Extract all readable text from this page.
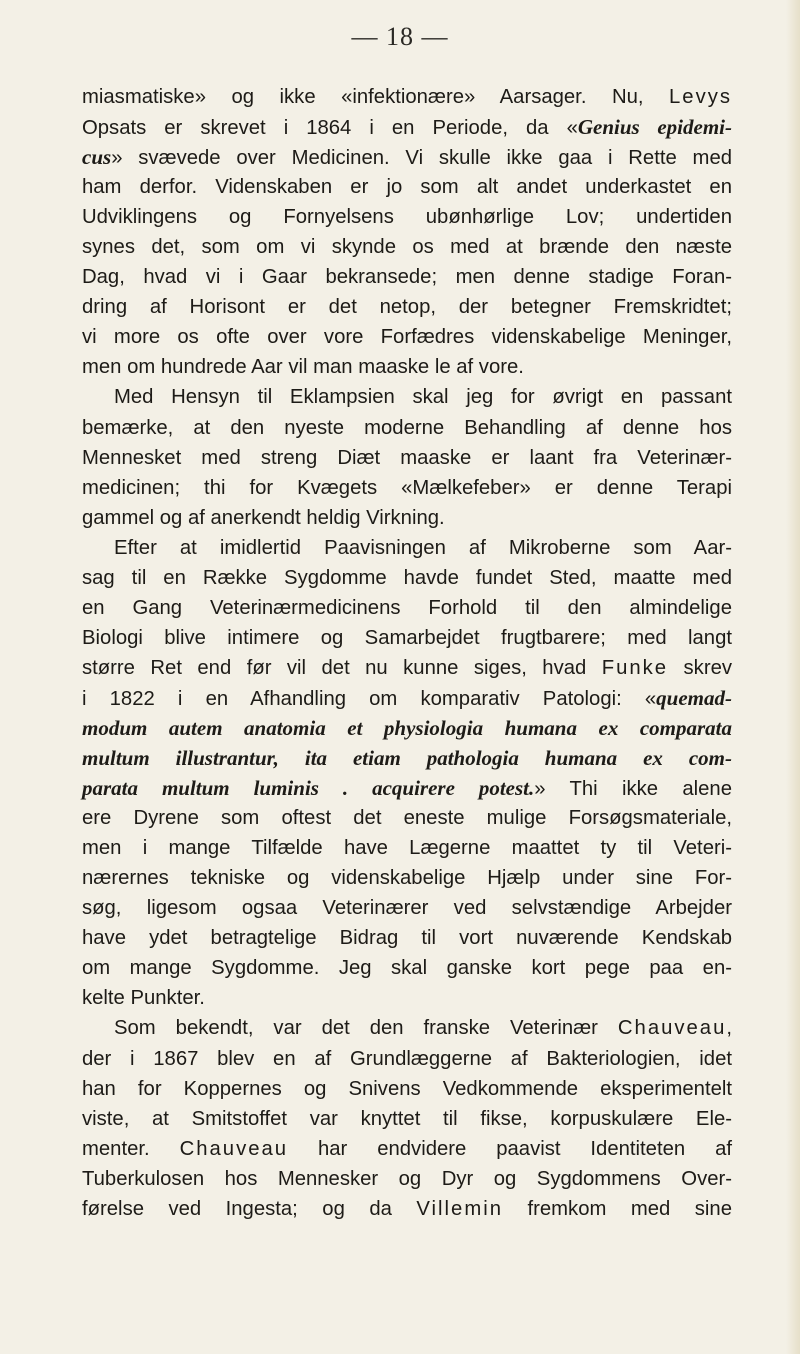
— 18 —
miasmatiske» og ikke «infektionære» Aarsager. Nu, Levys
Opsats er skrevet i 1864 i en Periode, da «Genius epidemi-
cus» svævede over Medicinen. Vi skulle ikke gaa i Rette med
ham derfor. Videnskaben er jo som alt andet underkastet en
Udviklingens og Fornyelsens ubønhørlige Lov; undertiden
synes det, som om vi skynde os med at brænde den næste
Dag, hvad vi i Gaar bekransede; men denne stadige Foran-
dring af Horisont er det netop, der betegner Fremskridtet;
vi more os ofte over vore Forfædres videnskabelige Meninger,
men om hundrede Aar vil man maaske le af vore.
Med Hensyn til Eklampsien skal jeg for øvrigt en passant
bemærke, at den nyeste moderne Behandling af denne hos
Mennesket med streng Diæt maaske er laant fra Veterinær-
medicinen; thi for Kvægets «Mælkefeber» er denne Terapi
gammel og af anerkendt heldig Virkning.
Efter at imidlertid Paavisningen af Mikroberne som Aar-
sag til en Række Sygdomme havde fundet Sted, maatte med
en Gang Veterinærmedicinens Forhold til den almindelige
Biologi blive intimere og Samarbejdet frugtbarere; med langt
større Ret end før vil det nu kunne siges, hvad Funke skrev
i 1822 i en Afhandling om komparativ Patologi: «quemad-
modum autem anatomia et physiologia humana ex comparata
multum illustrantur, ita etiam pathologia humana ex com-
parata multum luminis . acquirere potest.» Thi ikke alene
ere Dyrene som oftest det eneste mulige Forsøgsmateriale,
men i mange Tilfælde have Lægerne maattet ty til Veteri-
nærernes tekniske og videnskabelige Hjælp under sine For-
søg, ligesom ogsaa Veterinærer ved selvstændige Arbejder
have ydet betragtelige Bidrag til vort nuværende Kendskab
om mange Sygdomme. Jeg skal ganske kort pege paa en-
kelte Punkter.
Som bekendt, var det den franske Veterinær Chauveau,
der i 1867 blev en af Grundlæggerne af Bakteriologien, idet
han for Koppernes og Snivens Vedkommende eksperimentelt
viste, at Smitstoffet var knyttet til fikse, korpuskulære Ele-
menter. Chauveau har endvidere paavist Identiteten af
Tuberkulosen hos Mennesker og Dyr og Sygdommens Over-
førelse ved Ingesta; og da Villemin fremkom med sine
